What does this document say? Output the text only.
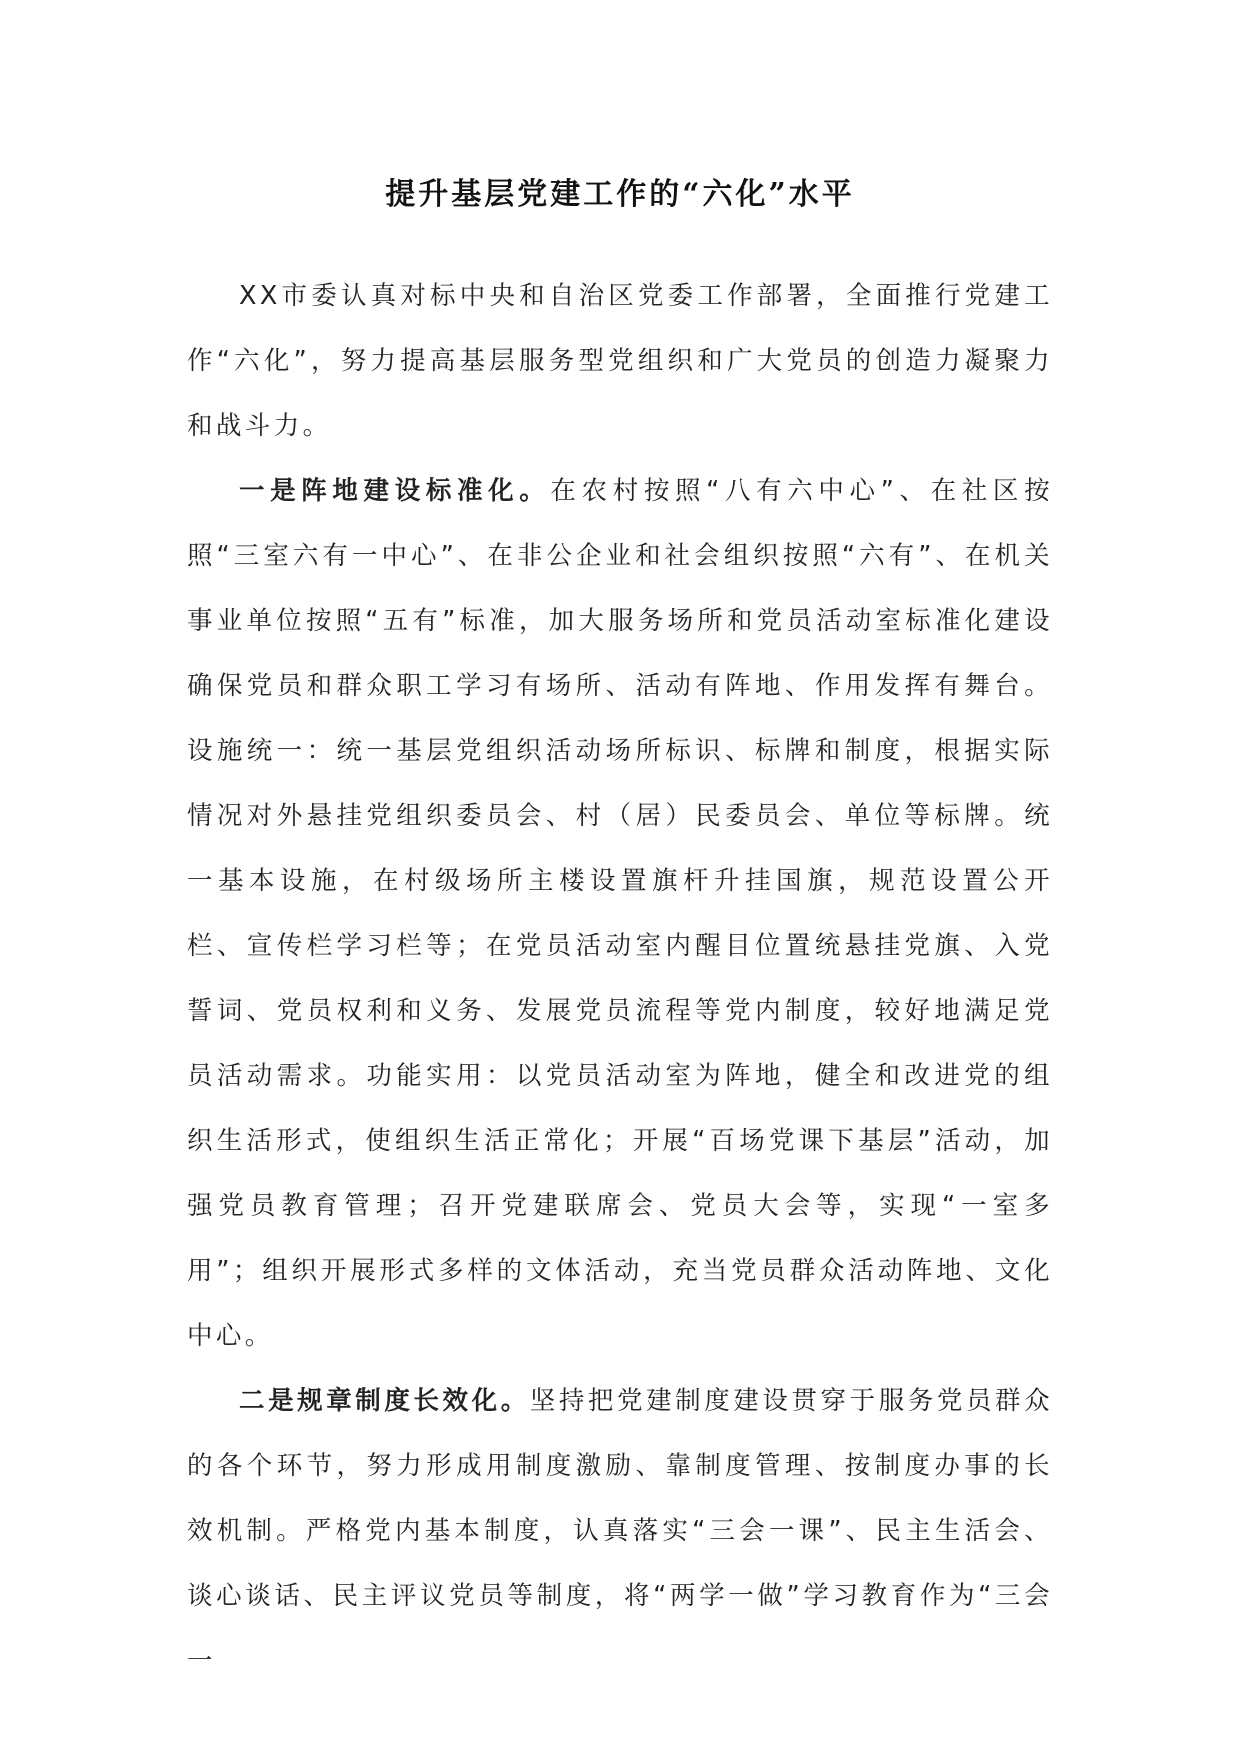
提升基层党建工作的“六化”水平

XX市委认真对标中央和自治区党委工作部署，全面推行党建工作“六化”，努力提高基层服务型党组织和广大党员的创造力凝聚力和战斗力。

一是阵地建设标准化。在农村按照“八有六中心”、在社区按照“三室六有一中心”、在非公企业和社会组织按照“六有”、在机关事业单位按照“五有”标准，加大服务场所和党员活动室标准化建设确保党员和群众职工学习有场所、活动有阵地、作用发挥有舞台。设施统一：统一基层党组织活动场所标识、标牌和制度，根据实际情况对外悬挂党组织委员会、村（居）民委员会、单位等标牌。统一基本设施，在村级场所主楼设置旗杆升挂国旗，规范设置公开栏、宣传栏学习栏等；在党员活动室内醒目位置统悬挂党旗、入党誓词、党员权利和义务、发展党员流程等党内制度，较好地满足党员活动需求。功能实用：以党员活动室为阵地，健全和改进党的组织生活形式，使组织生活正常化；开展“百场党课下基层”活动，加强党员教育管理；召开党建联席会、党员大会等，实现“一室多用”；组织开展形式多样的文体活动，充当党员群众活动阵地、文化中心。

二是规章制度长效化。坚持把党建制度建设贯穿于服务党员群众的各个环节，努力形成用制度激励、靠制度管理、按制度办事的长效机制。严格党内基本制度，认真落实“三会一课”、民主生活会、谈心谈话、民主评议党员等制度，将“两学一做”学习教育作为“三会一
